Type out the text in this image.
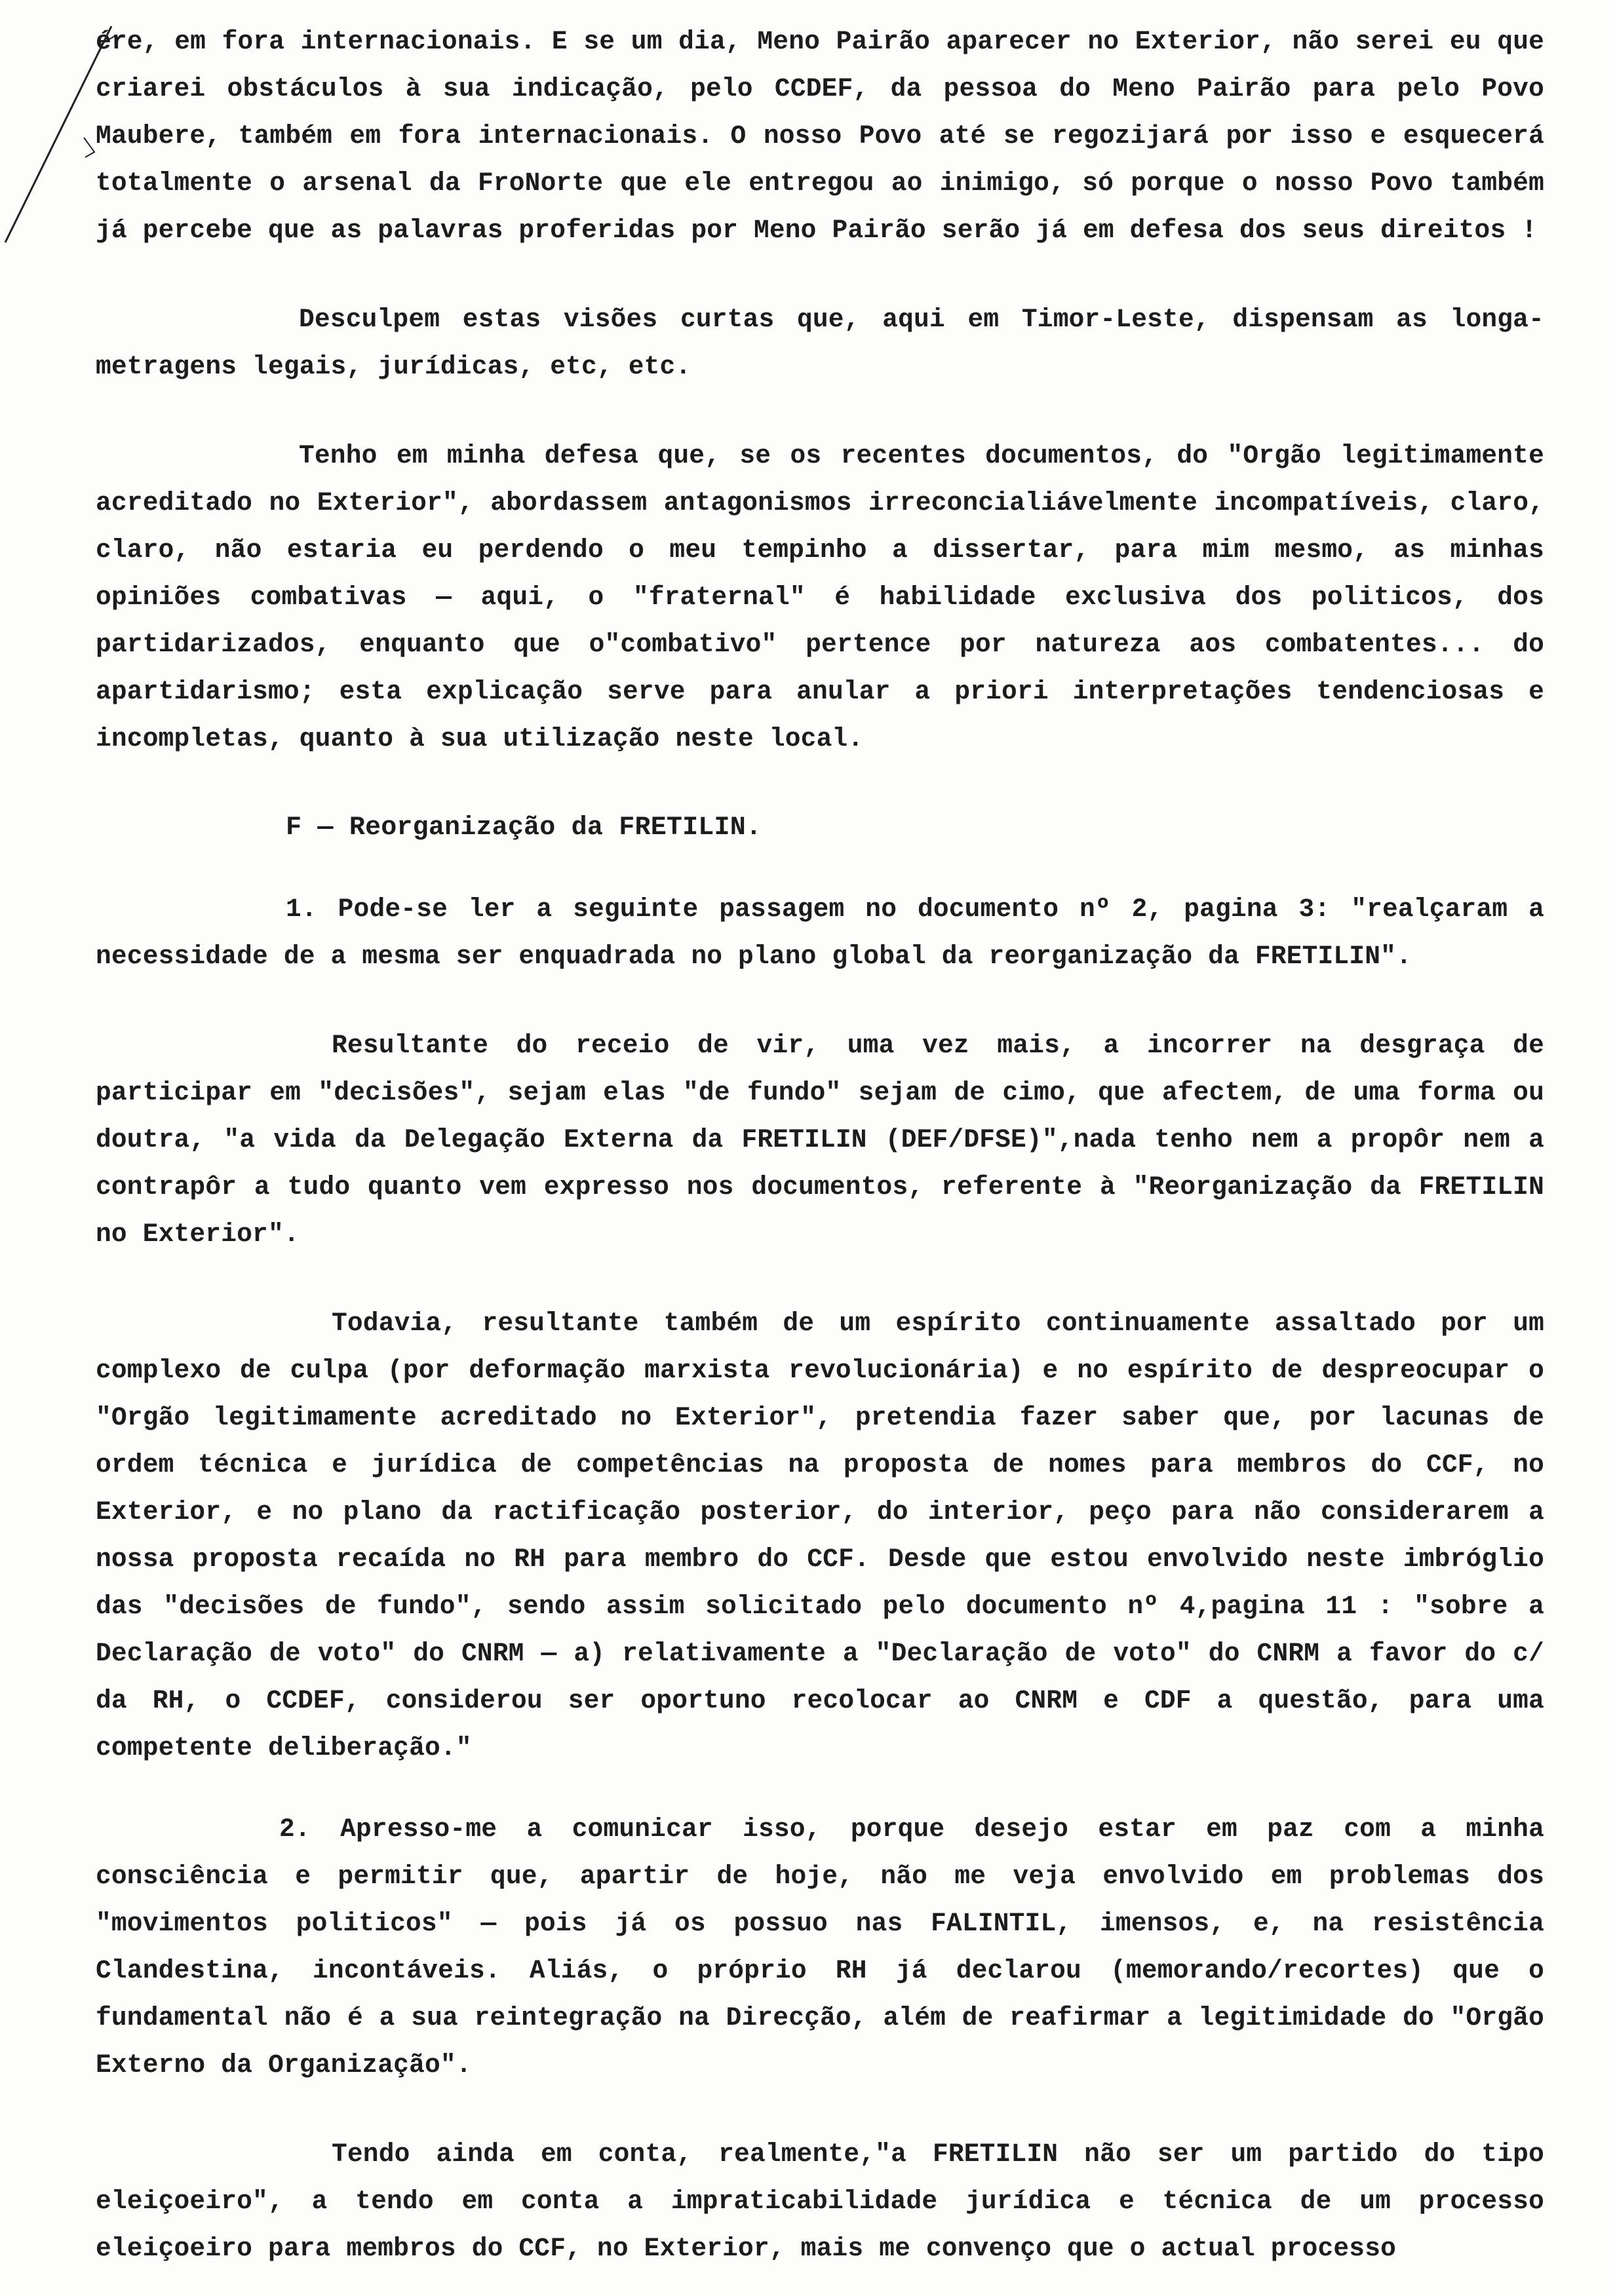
ére, em fora internacionais. E se um dia, Meno Pairão aparecer no Exterior, não serei eu que criarei obstáculos à sua indicação, pelo CCDEF, da pessoa do Meno Pairão para pelo Povo Maubere, também em fora internacionais. O nosso Povo até se regozijará por isso e esquecerá totalmente o arsenal da FroNorte que ele entregou ao inimigo, só porque o nosso Povo também já percebe que as palavras proferidas por Meno Pairão serão já em defesa dos seus direitos !

Desculpem estas visões curtas que, aqui em Timor-Leste, dispensam as longa-metragens legais, jurídicas, etc, etc.

Tenho em minha defesa que, se os recentes documentos, do "Orgão legitimamente acreditado no Exterior", abordassem antagonismos irreconcialiávelmente incompatíveis, claro, claro, não estaria eu perdendo o meu tempinho a dissertar, para mim mesmo, as minhas opiniões combativas — aqui, o "fraternal" é habilidade exclusiva dos politicos, dos partidarizados, enquanto que o"combativo" pertence por natureza aos combatentes... do apartidarismo; esta explicação serve para anular a priori interpretações tendenciosas e incompletas, quanto à sua utilização neste local.

F — Reorganização da FRETILIN.

1. Pode-se ler a seguinte passagem no documento nº 2, pagina 3: "realçaram a necessidade de a mesma ser enquadrada no plano global da reorganização da FRETILIN".

Resultante do receio de vir, uma vez mais, a incorrer na desgraça de participar em "decisões", sejam elas "de fundo" sejam de cimo, que afectem, de uma forma ou doutra, "a vida da Delegação Externa da FRETILIN (DEF/DFSE)",nada tenho nem a propôr nem a contrapôr a tudo quanto vem expresso nos documentos, referente à "Reorganização da FRETILIN no Exterior".

Todavia, resultante também de um espírito continuamente assaltado por um complexo de culpa (por deformação marxista revolucionária) e no espírito de despreocupar o "Orgão legitimamente acreditado no Exterior", pretendia fazer saber que, por lacunas de ordem técnica e jurídica de competências na proposta de nomes para membros do CCF, no Exterior, e no plano da ractificação posterior, do interior, peço para não considerarem a nossa proposta recaída no RH para membro do CCF. Desde que estou envolvido neste imbróglio das "decisões de fundo", sendo assim solicitado pelo documento nº 4,pagina 11 : "sobre a Declaração de voto" do CNRM — a) relativamente a "Declaração de voto" do CNRM a favor do c/ da RH, o CCDEF, considerou ser oportuno recolocar ao CNRM e CDF a questão, para uma competente deliberação."

2. Apresso-me a comunicar isso, porque desejo estar em paz com a minha consciência e permitir que, apartir de hoje, não me veja envolvido em problemas dos "movimentos politicos" — pois já os possuo nas FALINTIL, imensos, e, na resistência Clandestina, incontáveis. Aliás, o próprio RH já declarou (memorando/recortes) que o fundamental não é a sua reintegração na Direcção, além de reafirmar a legitimidade do "Orgão Externo da Organização".

Tendo ainda em conta, realmente,"a FRETILIN não ser um partido do tipo eleiçoeiro", a tendo em conta a impraticabilidade jurídica e técnica de um processo eleiçoeiro para membros do CCF, no Exterior, mais me convenço que o actual processo
